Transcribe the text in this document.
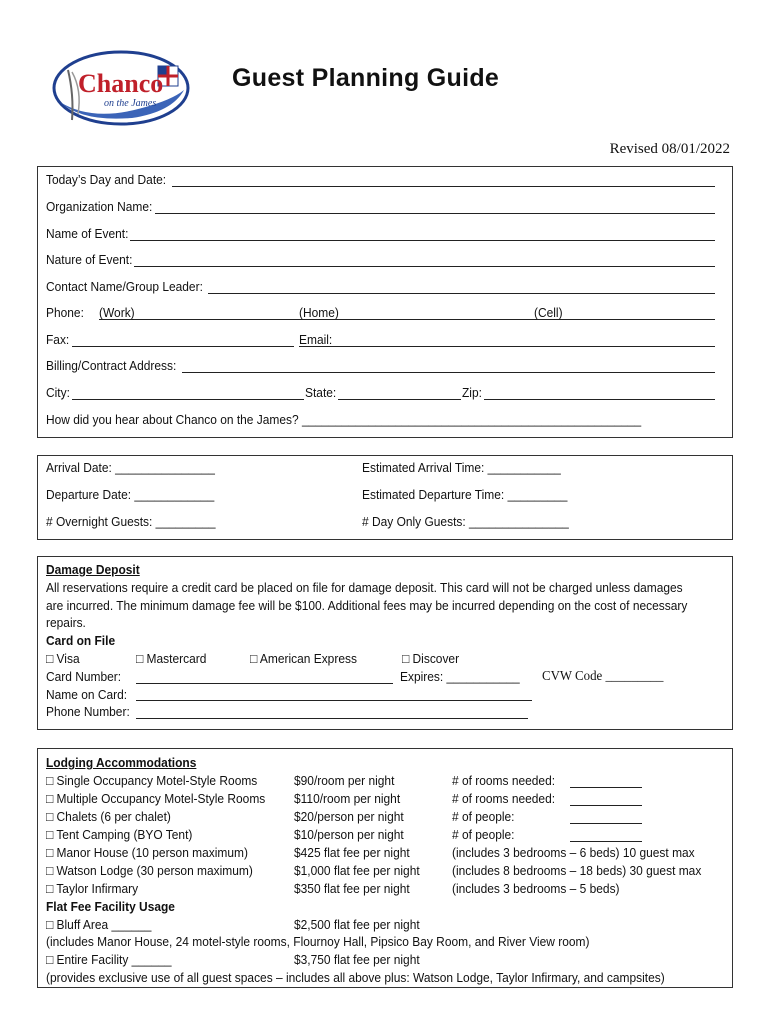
Chanco
on the James
Guest Planning Guide
Revised 08/01/2022
Today’s Day and Date:
Organization Name:
Name of Event:
Nature of Event:
Contact Name/Group Leader:
Phone: (Work)	(Home)	(Cell)
Fax:	Email:
Billing/Contract Address:
City:	State:	Zip:
How did you hear about Chanco on the James? ___________________________________________________
Arrival Date: _______________	Estimated Arrival Time: ___________
Departure Date: ____________	Estimated Departure Time: _________
# Overnight Guests: _________	# Day Only Guests: _______________
Damage Deposit
All reservations require a credit card be placed on file for damage deposit. This card will not be charged unless damages
are incurred. The minimum damage fee will be $100. Additional fees may be incurred depending on the cost of necessary
repairs.
Card on File
□ Visa	□ Mastercard	□ American Express	□ Discover
Card Number:	Expires: ___________ CVW Code _________
Name on Card:
Phone Number:
Lodging Accommodations
□ Single Occupancy Motel-Style Rooms	$90/room per night	# of rooms needed:
□ Multiple Occupancy Motel-Style Rooms $110/room per night	# of rooms needed:
□ Chalets (6 per chalet)	$20/person per night	# of people:
□ Tent Camping (BYO Tent)	$10/person per night	# of people:
□ Manor House (10 person maximum)	$425 flat fee per night	(includes 3 bedrooms – 6 beds) 10 guest max
□ Watson Lodge (30 person maximum)	$1,000 flat fee per night (includes 8 bedrooms – 18 beds) 30 guest max
□ Taylor Infirmary	$350 flat fee per night	(includes 3 bedrooms – 5 beds)
Flat Fee Facility Usage
□ Bluff Area ______	$2,500 flat fee per night
(includes Manor House, 24 motel-style rooms, Flournoy Hall, Pipsico Bay Room, and River View room)
□ Entire Facility ______	$3,750 flat fee per night
(provides exclusive use of all guest spaces – includes all above plus: Watson Lodge, Taylor Infirmary, and campsites)
